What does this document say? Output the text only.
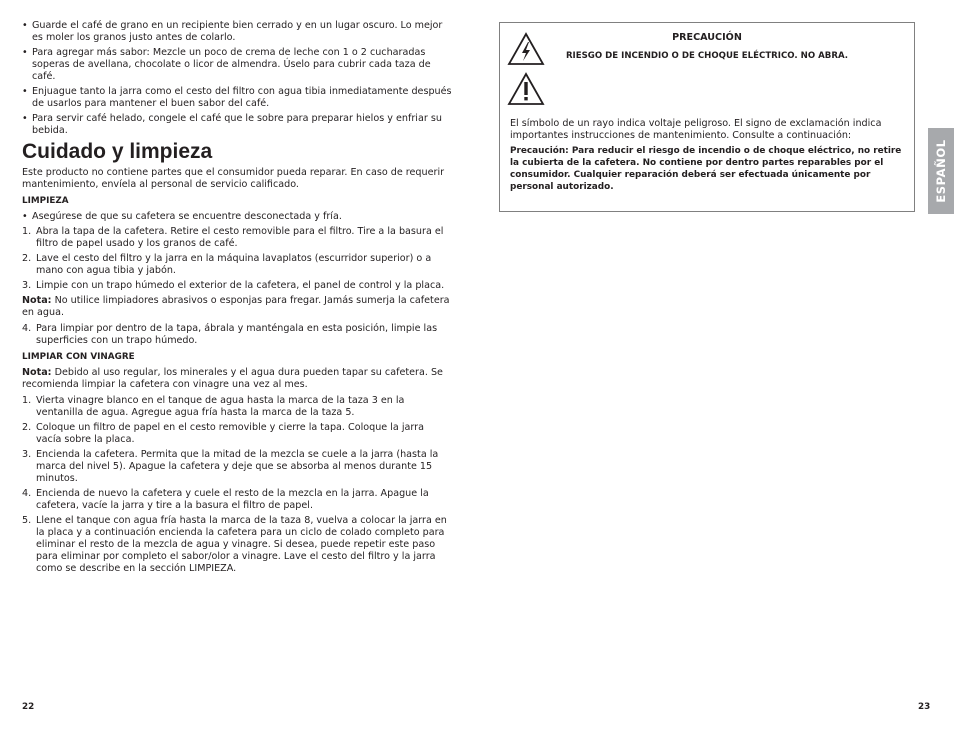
• Guarde el café de grano en un recipiente bien cerrado y en un lugar oscuro. Lo mejor es moler los granos justo antes de colarlo.

• Para agregar más sabor: Mezcle un poco de crema de leche con 1 o 2 cucharadas soperas de avellana, chocolate o licor de almendra. Úselo para cubrir cada taza de café.

• Enjuague tanto la jarra como el cesto del filtro con agua tibia inmediatamente después de usarlos para mantener el buen sabor del café.

• Para servir café helado, congele el café que le sobre para preparar hielos y enfriar su bebida.

Cuidado y limpieza

Este producto no contiene partes que el consumidor pueda reparar. En caso de requerir mantenimiento, envíela al personal de servicio calificado.

LIMPIEZA

• Asegúrese de que su cafetera se encuentre desconectada y fría.

1. Abra la tapa de la cafetera. Retire el cesto removible para el filtro. Tire a la basura el filtro de papel usado y los granos de café.

2. Lave el cesto del filtro y la jarra en la máquina lavaplatos (escurridor superior) o a mano con agua tibia y jabón.

3. Limpie con un trapo húmedo el exterior de la cafetera, el panel de control y la placa.

Nota: No utilice limpiadores abrasivos o esponjas para fregar. Jamás sumerja la cafetera en agua.

4. Para limpiar por dentro de la tapa, ábrala y manténgala en esta posición, limpie las superficies con un trapo húmedo.

LIMPIAR CON VINAGRE

Nota: Debido al uso regular, los minerales y el agua dura pueden tapar su cafetera. Se recomienda limpiar la cafetera con vinagre una vez al mes.

1. Vierta vinagre blanco en el tanque de agua hasta la marca de la taza 3 en la ventanilla de agua. Agregue agua fría hasta la marca de la taza 5.

2. Coloque un filtro de papel en el cesto removible y cierre la tapa. Coloque la jarra vacía sobre la placa.

3. Encienda la cafetera. Permita que la mitad de la mezcla se cuele a la jarra (hasta la marca del nivel 5). Apague la cafetera y deje que se absorba al menos durante 15 minutos.

4. Encienda de nuevo la cafetera y cuele el resto de la mezcla en la jarra. Apague la cafetera, vacíe la jarra y tire a la basura el filtro de papel.

5. Llene el tanque con agua fría hasta la marca de la taza 8, vuelva a colocar la jarra en la placa y a continuación encienda la cafetera para un ciclo de colado completo para eliminar el resto de la mezcla de agua y vinagre. Si desea, puede repetir este paso para eliminar por completo el sabor/olor a vinagre. Lave el cesto del filtro y la jarra como se describe en la sección LIMPIEZA.

22
PRECAUCIÓN
RIESGO DE INCENDIO O DE CHOQUE ELÉCTRICO. NO ABRA.

El símbolo de un rayo indica voltaje peligroso. El signo de exclamación indica importantes instrucciones de mantenimiento. Consulte a continuación:

Precaución: Para reducir el riesgo de incendio o de choque eléctrico, no retire la cubierta de la cafetera. No contiene por dentro partes reparables por el consumidor. Cualquier reparación deberá ser efectuada únicamente por personal autorizado.	ESPAÑOL
23
